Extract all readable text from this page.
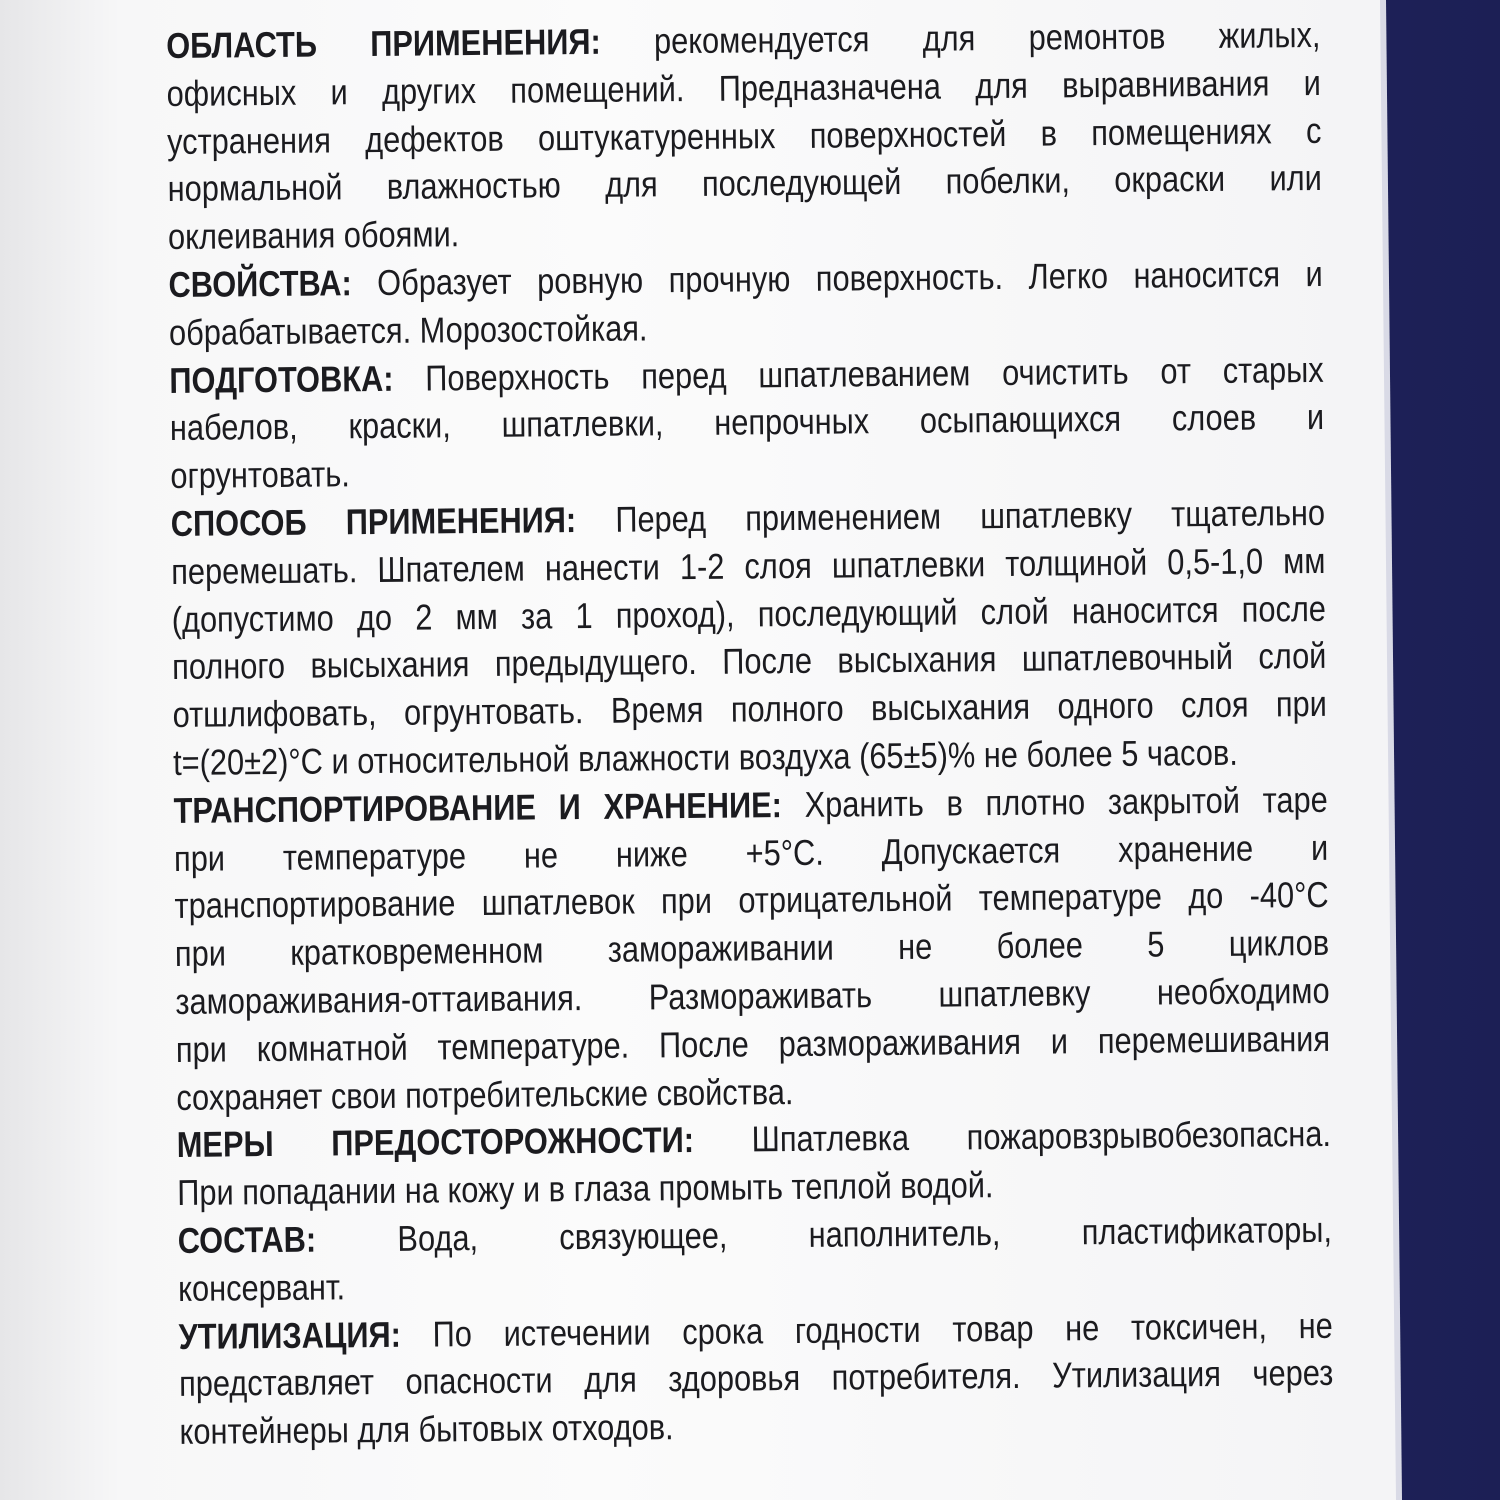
ОБЛАСТЬ ПРИМЕНЕНИЯ: рекомендуется для ремонтов жилых,
офисных и других помещений. Предназначена для выравнивания и
устранения дефектов оштукатуренных поверхностей в помещениях с
нормальной влажностью для последующей побелки, окраски или
оклеивания обоями.
СВОЙСТВА: Образует ровную прочную поверхность. Легко наносится и
обрабатывается. Морозостойкая.
ПОДГОТОВКА: Поверхность перед шпатлеванием очистить от старых
набелов, краски, шпатлевки, непрочных осыпающихся слоев и
огрунтовать.
СПОСОБ ПРИМЕНЕНИЯ: Перед применением шпатлевку тщательно
перемешать. Шпателем нанести 1-2 слоя шпатлевки толщиной 0,5-1,0 мм
(допустимо до 2 мм за 1 проход), последующий слой наносится после
полного высыхания предыдущего. После высыхания шпатлевочный слой
отшлифовать, огрунтовать. Время полного высыхания одного слоя при
t=(20±2)°С и относительной влажности воздуха (65±5)% не более 5 часов.
ТРАНСПОРТИРОВАНИЕ И ХРАНЕНИЕ: Хранить в плотно закрытой таре
при температуре не ниже +5°С. Допускается хранение и
транспортирование шпатлевок при отрицательной температуре до -40°С
при кратковременном замораживании не более 5 циклов
замораживания-оттаивания. Размораживать шпатлевку необходимо
при комнатной температуре. После размораживания и перемешивания
сохраняет свои потребительские свойства.
МЕРЫ ПРЕДОСТОРОЖНОСТИ: Шпатлевка пожаровзрывобезопасна.
При попадании на кожу и в глаза промыть теплой водой.
СОСТАВ: Вода, связующее, наполнитель, пластификаторы,
консервант.
УТИЛИЗАЦИЯ: По истечении срока годности товар не токсичен, не
представляет опасности для здоровья потребителя. Утилизация через
контейнеры для бытовых отходов.
